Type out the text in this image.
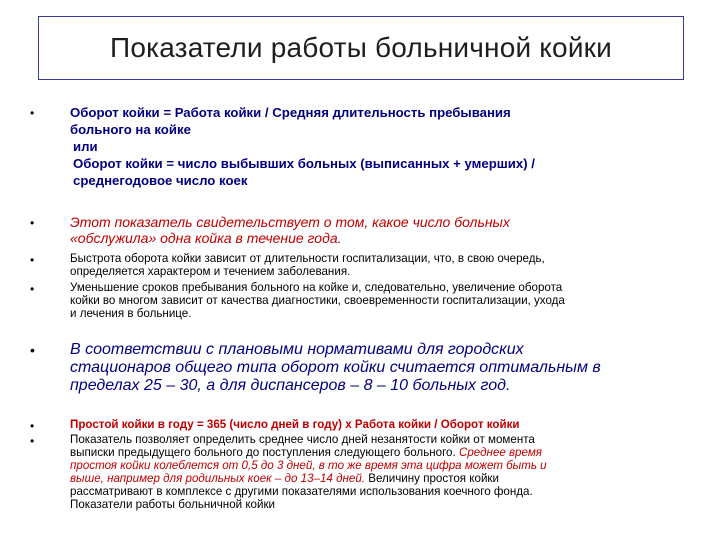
Показатели работы больничной койки
•	Оборот койки = Работа койки / Средняя длительность пребывания
больного на койке
или
Оборот койки = число выбывших больных (выписанных + умерших) /
среднегодовое число коек
•	Этот показатель свидетельствует о том, какое число больных
«обслужила» одна койка в течение года.
•	Быстрота оборота койки зависит от длительности госпитализации, что, в свою очередь,
определяется характером и течением заболевания.
•	Уменьшение сроков пребывания больного на койке и, следовательно, увеличение оборота
койки во многом зависит от качества диагностики, своевременности госпитализации, ухода
и лечения в больнице.
• В соответствии с плановыми нормативами для городских
стационаров общего типа оборот койки считается оптимальным в
пределах 25 – 30, а для диспансеров – 8 – 10 больных год.
•	Простой койки в году = 365 (число дней в году) х Работа койки / Оборот койки
•	Показатель позволяет определить среднее число дней незанятости койки от момента
выписки предыдущего больного до поступления следующего больного. Среднее время
простоя койки колеблется от 0,5 до 3 дней, в то же время эта цифра может быть и
выше, например для родильных коек – до 13–14 дней. Величину простоя койки
рассматривают в комплексе с другими показателями использования коечного фонда.
Показатели работы больничной койки
